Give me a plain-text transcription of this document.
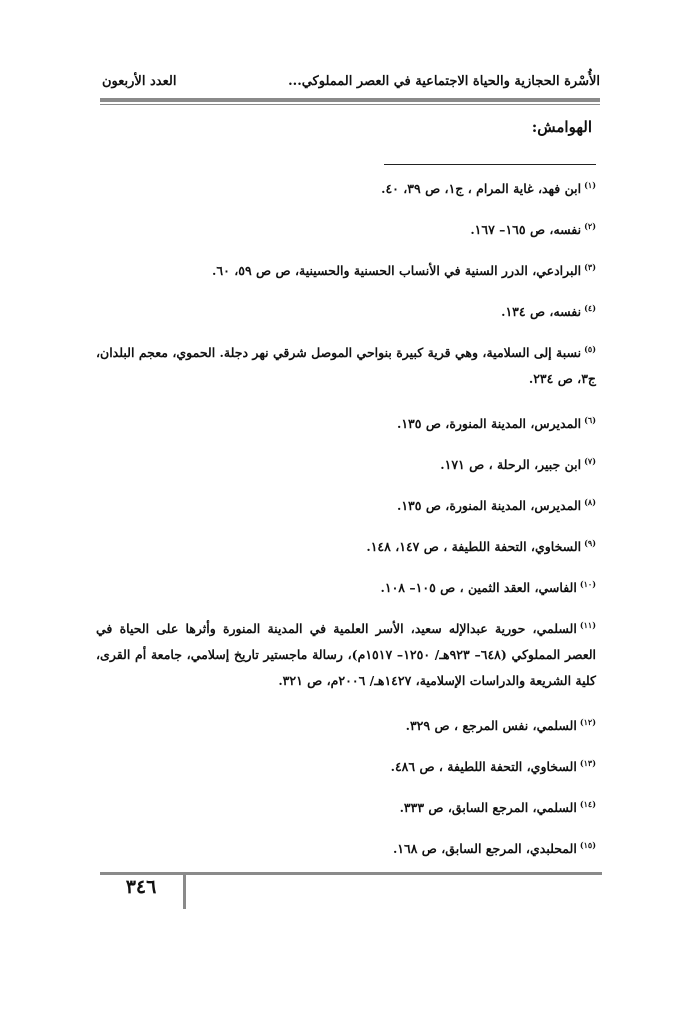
الأُسْرة الحجازية والحياة الاجتماعية في العصر المملوكي...
العدد الأربعون
الهوامش:
$^{(١)}$ابن فهد، غاية المرام ، ج١، ص ٣٩، ٤٠.
$^{(٢)}$نفسه، ص ١٦٥– ١٦٧.
$^{(٣)}$البرادعي، الدرر السنية في الأنساب الحسنية والحسينية، ص ص ٥٩، ٦٠.
$^{(٤)}$نفسه، ص ١٣٤.
$^{(٥)}$نسبة إلى السلامية، وهي قرية كبيرة بنواحي الموصل شرقي نهر دجلة. الحموي، معجم البلدان، ج٣، ص ٢٣٤.
$^{(٦)}$المديرس، المدينة المنورة، ص ١٣٥.
$^{(٧)}$ابن جبير، الرحلة ، ص ١٧١.
$^{(٨)}$المديرس، المدينة المنورة، ص ١٣٥.
$^{(٩)}$السخاوي، التحفة اللطيفة ، ص ١٤٧، ١٤٨.
$^{(١٠)}$الفاسي، العقد الثمين ، ص ١٠٥– ١٠٨.
$^{(١١)}$السلمي، حورية عبدالإله سعيد، الأسر العلمية في المدينة المنورة وأثرها على الحياة في العصر المملوكي (٦٤٨– ٩٢٣هـ/ ١٢٥٠– ١٥١٧م)، رسالة ماجستير تاريخ إسلامي، جامعة أم القرى، كلية الشريعة والدراسات الإسلامية، ١٤٢٧هـ/ ٢٠٠٦م، ص ٣٢١.
$^{(١٢)}$السلمي، نفس المرجع ، ص ٣٢٩.
$^{(١٣)}$السخاوي، التحفة اللطيفة ، ص ٤٨٦.
$^{(١٤)}$السلمي، المرجع السابق، ص ٣٣٣.
$^{(١٥)}$المحلبدي، المرجع السابق، ص ١٦٨.
٣٤٦
